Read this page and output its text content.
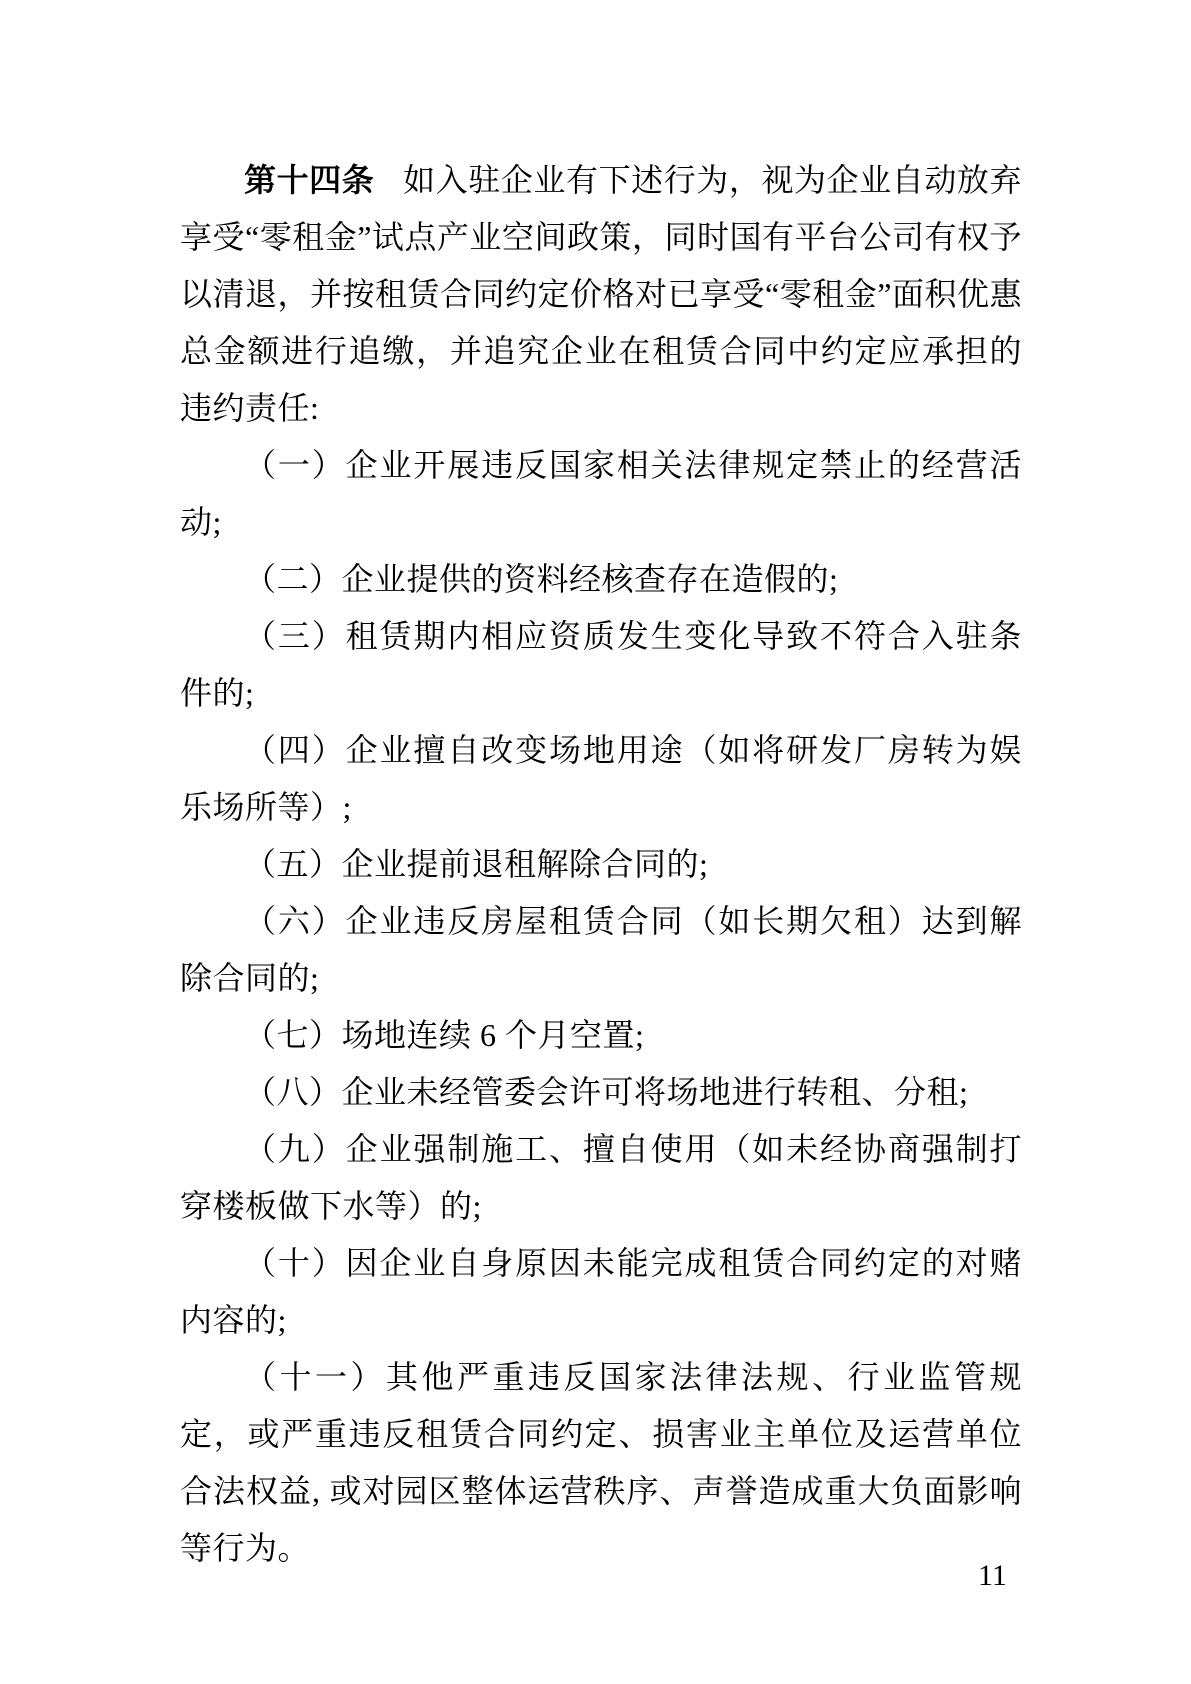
第十四条 如入驻企业有下述行为，视为企业自动放弃享受“零租金”试点产业空间政策，同时国有平台公司有权予以清退，并按租赁合同约定价格对已享受“零租金”面积优惠总金额进行追缴，并追究企业在租赁合同中约定应承担的违约责任:

（一）企业开展违反国家相关法律规定禁止的经营活动;

（二）企业提供的资料经核查存在造假的;

（三）租赁期内相应资质发生变化导致不符合入驻条件的;

（四）企业擅自改变场地用途（如将研发厂房转为娱乐场所等）;

（五）企业提前退租解除合同的;

（六）企业违反房屋租赁合同（如长期欠租）达到解除合同的;

（七）场地连续 6 个月空置;

（八）企业未经管委会许可将场地进行转租、分租;

（九）企业强制施工、擅自使用（如未经协商强制打穿楼板做下水等）的;

（十）因企业自身原因未能完成租赁合同约定的对赌内容的;

（十一）其他严重违反国家法律法规、行业监管规定，或严重违反租赁合同约定、损害业主单位及运营单位合法权益, 或对园区整体运营秩序、声誉造成重大负面影响等行为。

11
